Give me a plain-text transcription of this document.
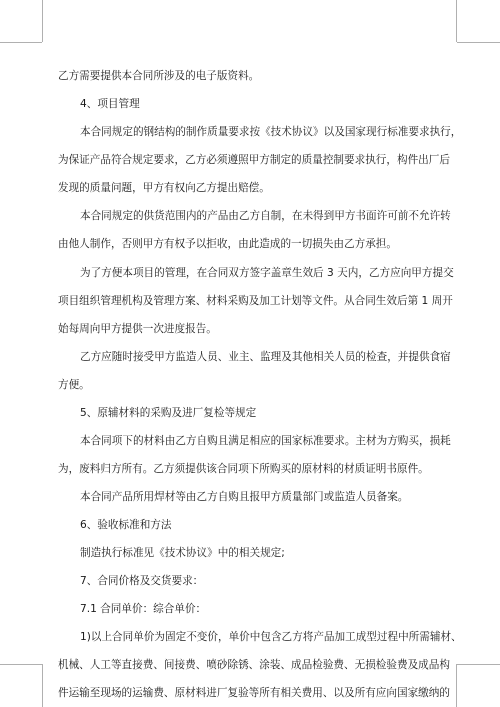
乙方需要提供本合同所涉及的电子版资料。
4、项目管理
本合同规定的钢结构的制作质量要求按《技术协议》以及国家现行标准要求执行，
为保证产品符合规定要求，乙方必须遵照甲方制定的质量控制要求执行，构件出厂后
发现的质量问题，甲方有权向乙方提出赔偿。
本合同规定的供货范围内的产品由乙方自制，在未得到甲方书面许可前不允许转
由他人制作，否则甲方有权予以拒收，由此造成的一切损失由乙方承担。
为了方便本项目的管理，在合同双方签字盖章生效后 3 天内，乙方应向甲方提交
项目组织管理机构及管理方案、材料采购及加工计划等文件。从合同生效后第 1 周开
始每周向甲方提供一次进度报告。
乙方应随时接受甲方监造人员、业主、监理及其他相关人员的检查，并提供食宿
方便。
5、原辅材料的采购及进厂复检等规定
本合同项下的材料由乙方自购且满足相应的国家标准要求。主材为方购买，损耗
为，废料归方所有。乙方须提供该合同项下所购买的原材料的材质证明书原件。
本合同产品所用焊材等由乙方自购且报甲方质量部门或监造人员备案。
6、验收标准和方法
制造执行标准见《技术协议》中的相关规定;
7、合同价格及交货要求：
7.1 合同单价：综合单价：
1)以上合同单价为固定不变价，单价中包含乙方将产品加工成型过程中所需辅材、
机械、人工等直接费、间接费、喷砂除锈、涂装、成品检验费、无损检验费及成品构
件运输至现场的运输费、原材料进厂复验等所有相关费用、以及所有应向国家缴纳的
